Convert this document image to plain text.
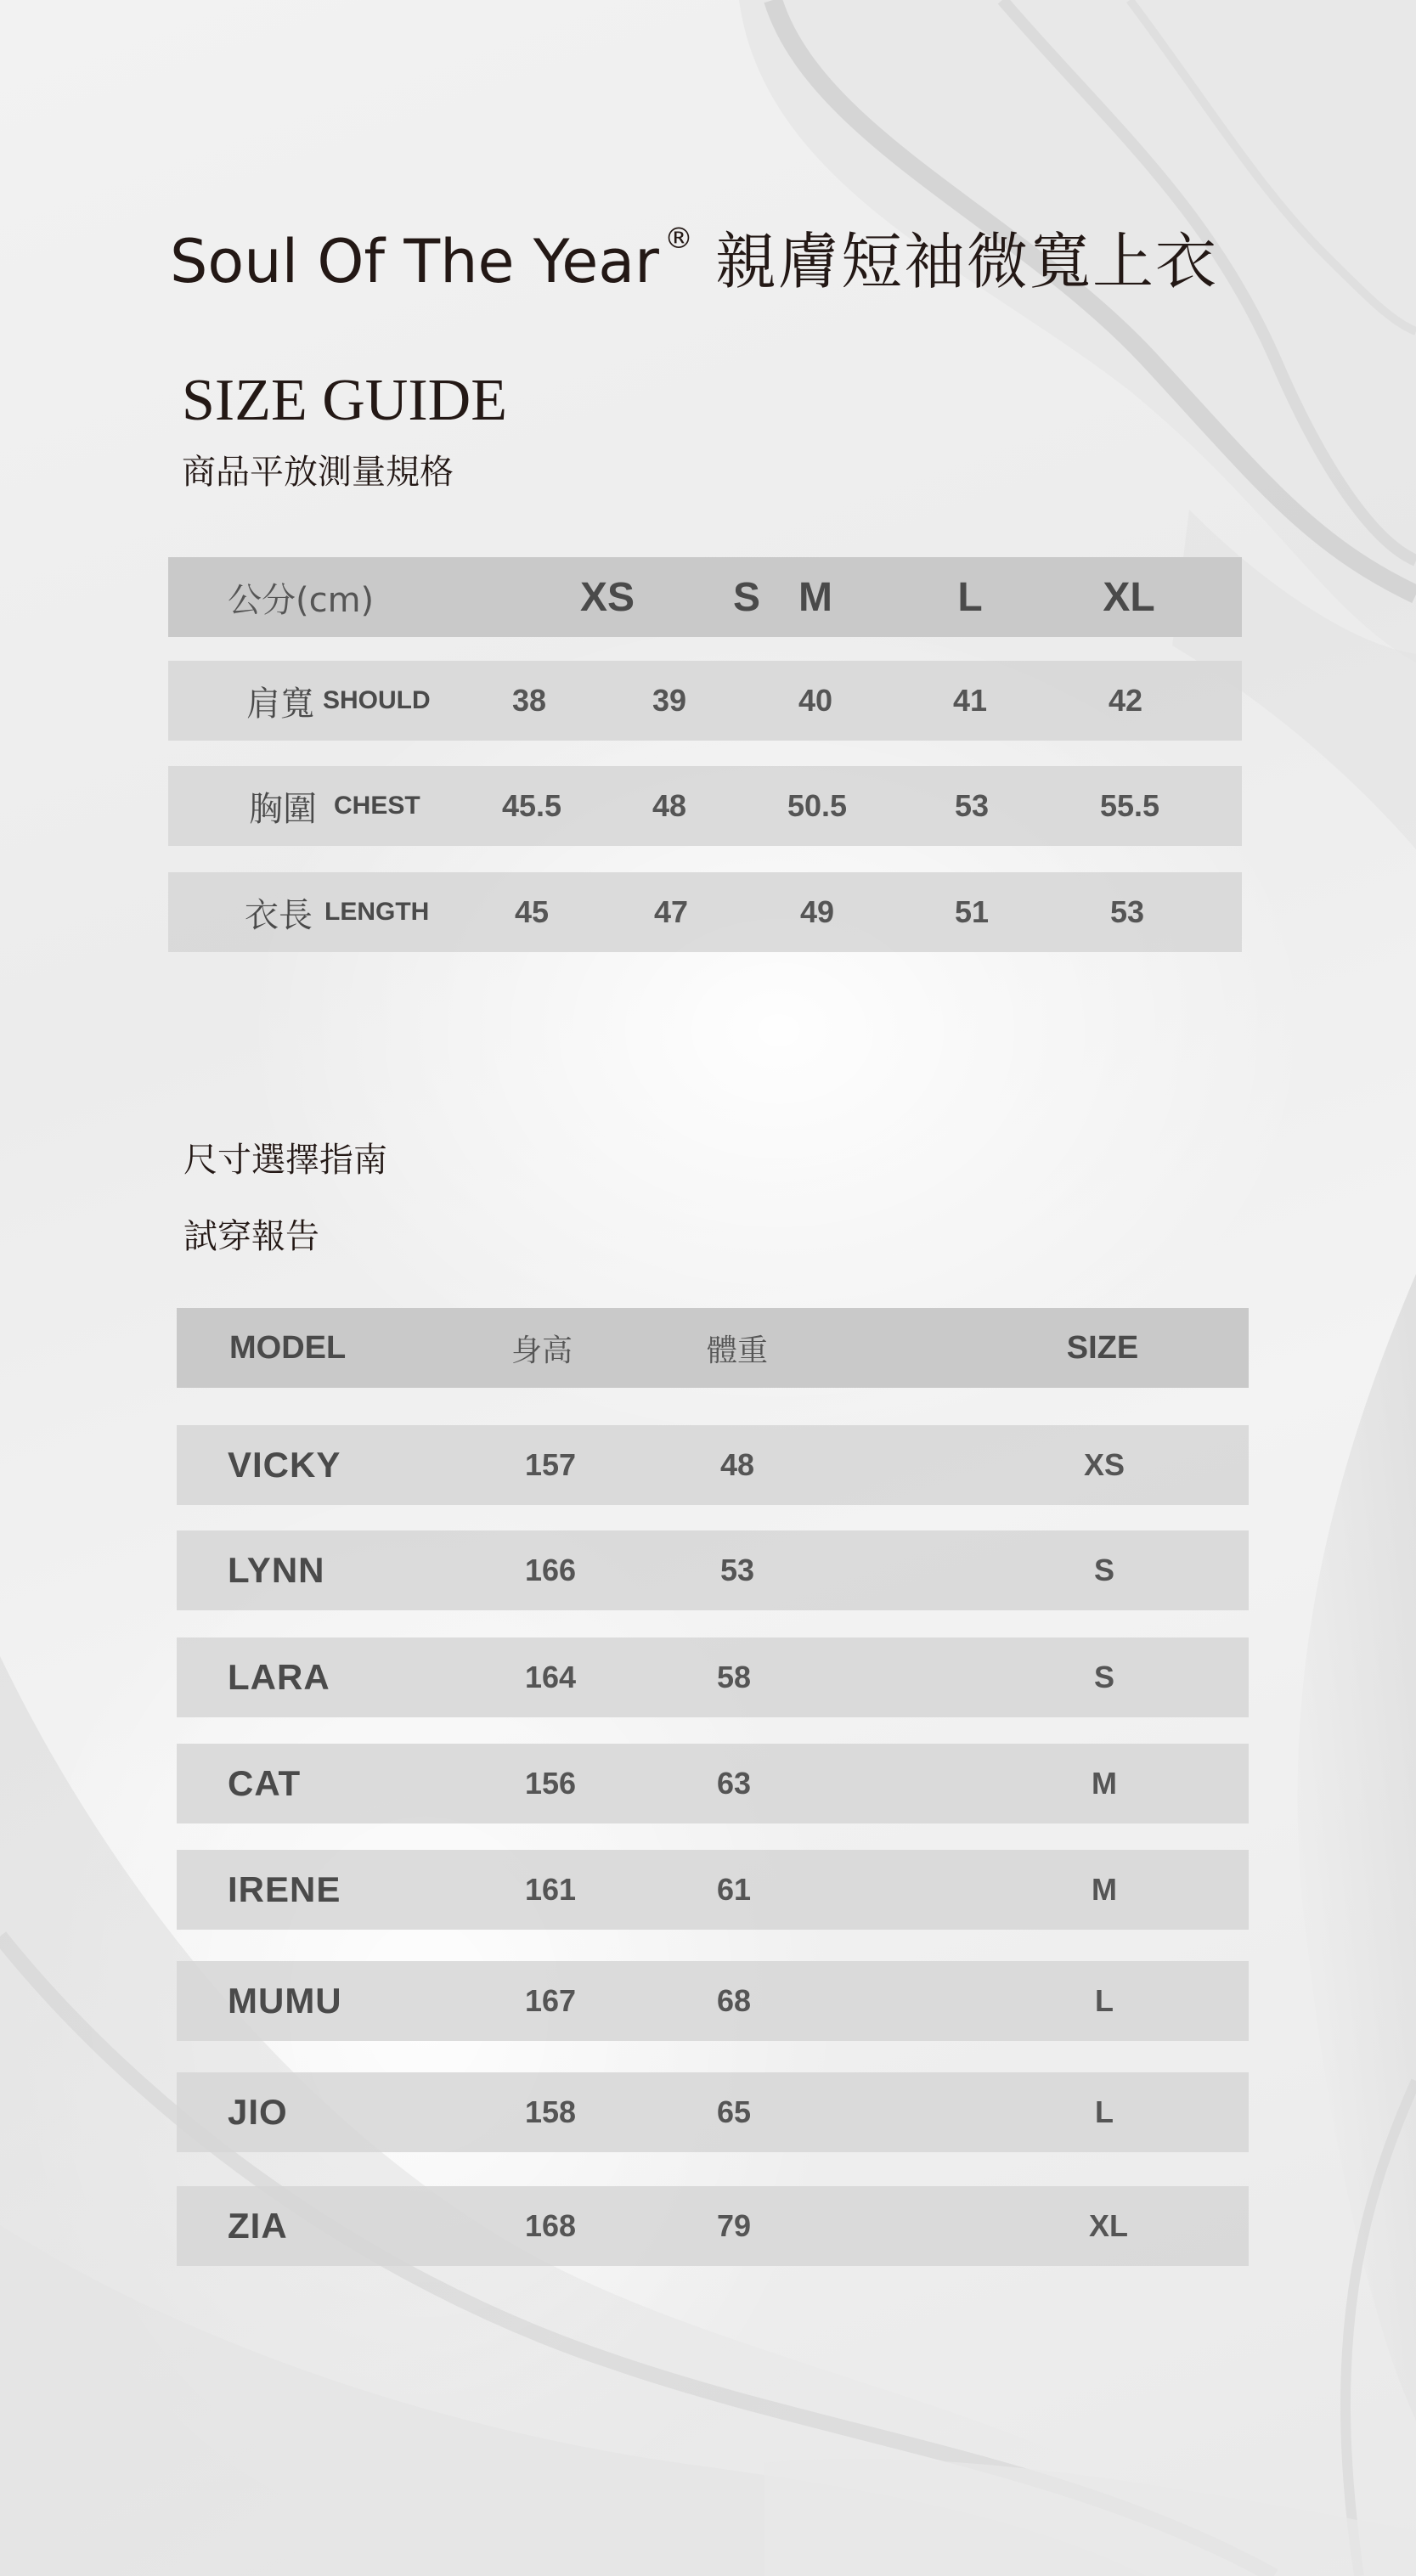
Soul Of The Year ® 親膚短袖微寬上衣
SIZE GUIDE
商品平放測量規格
公分(cm)	XS	S M	L	XL
肩寬 SHOULD	38	39	40	41	42
胸圍 CHEST	45.5	48	50.5	53	55.5
衣長 LENGTH	45	47	49	51	53
尺寸選擇指南
試穿報告
MODEL	身高	體重	SIZE
VICKY	157	48	XS
LYNN	166	53	S
LARA	164	58	S
CAT	156	63	M
IRENE	161	61	M
MUMU	167	68	L
JIO	158	65	L
ZIA	168	79	XL
